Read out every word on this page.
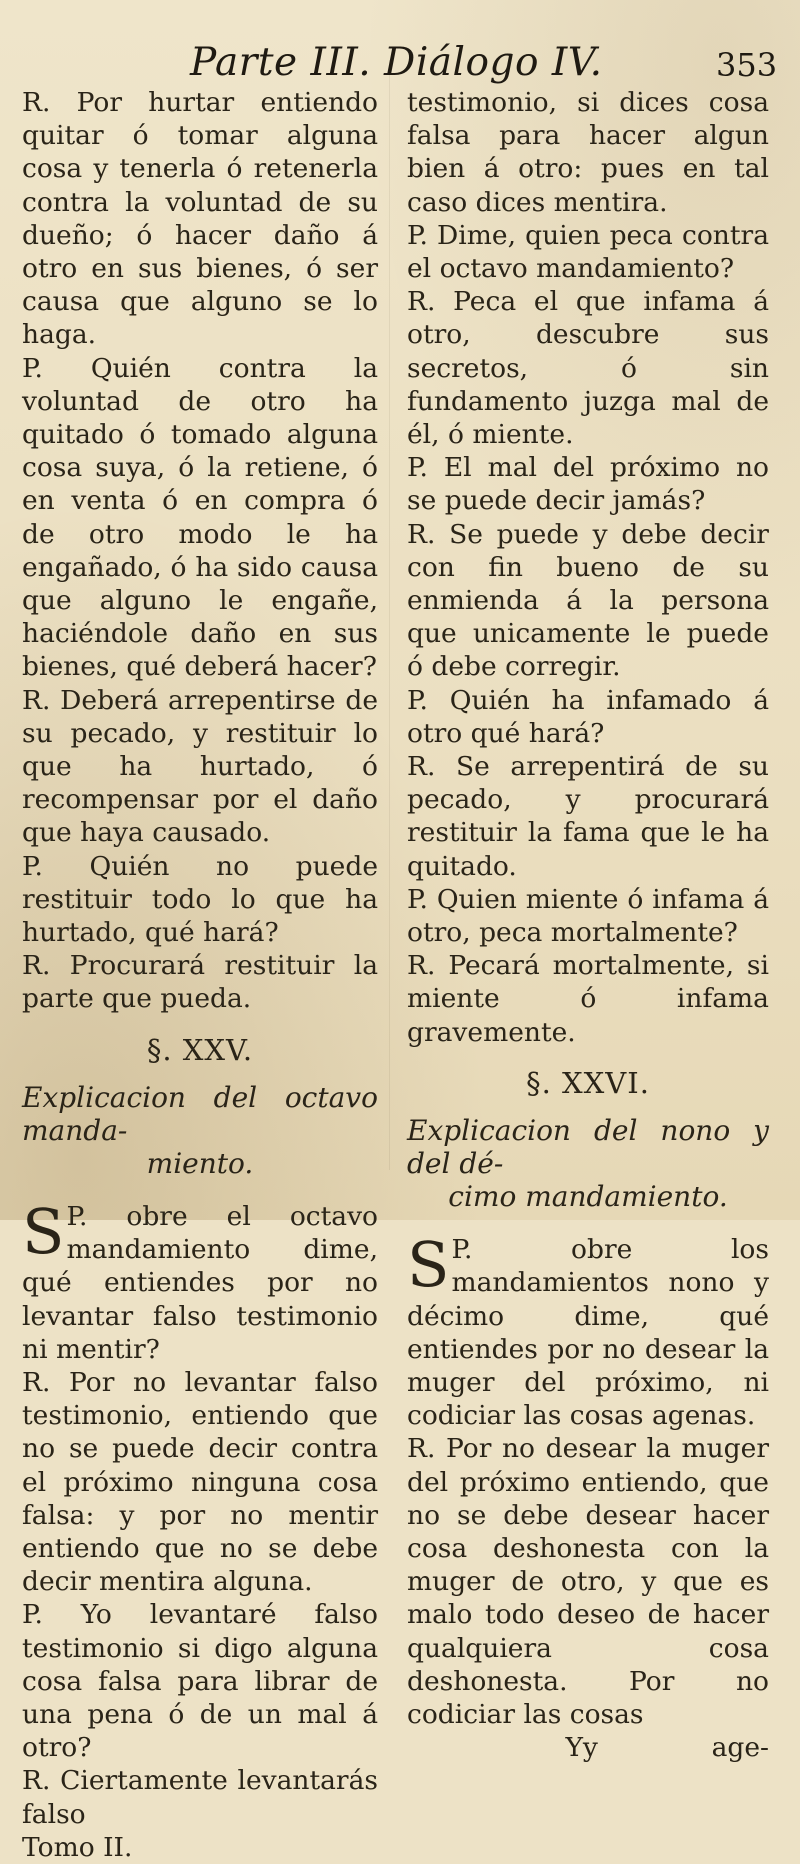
Parte III. Diálogo IV.	353

R. Por hurtar entiendo quitar ó tomar alguna cosa y tenerla ó retenerla contra la voluntad de su dueño; ó hacer daño á otro en sus bienes, ó ser causa que alguno se lo haga.

P. Quién contra la voluntad de otro ha quitado ó tomado alguna cosa suya, ó la retiene, ó en venta ó en compra ó de otro modo le ha engañado, ó ha sido causa que alguno le engañe, haciéndole daño en sus bienes, qué deberá hacer?

R. Deberá arrepentirse de su pecado, y restituir lo que ha hurtado, ó recompensar por el daño que haya causado.

P. Quién no puede restituir todo lo que ha hurtado, qué hará?

R. Procurará restituir la parte que pueda.

§. XXV.
Explicacion del octavo manda-
miento.

P.
S obre el octavo mandamiento dime, qué entiendes por no levantar falso testimonio ni mentir?

R. Por no levantar falso testimonio, entiendo que no se puede decir contra el próximo ninguna cosa falsa: y por no mentir entiendo que no se debe decir mentira alguna.

P. Yo levantaré falso testimonio si digo alguna cosa falsa para librar de una pena ó de un mal á otro?

R. Ciertamente levantarás falso

Tomo II.

testimonio, si dices cosa falsa para hacer algun bien á otro: pues en tal caso dices mentira.

P. Dime, quien peca contra el octavo mandamiento?

R. Peca el que infama á otro, descubre sus secretos, ó sin fundamento juzga mal de él, ó miente.

P. El mal del próximo no se puede decir jamás?

R. Se puede y debe decir con fin bueno de su enmienda á la persona que unicamente le puede ó debe corregir.

P. Quién ha infamado á otro qué hará?

R. Se arrepentirá de su pecado, y procurará restituir la fama que le ha quitado.

P. Quien miente ó infama á otro, peca mortalmente?

R. Pecará mortalmente, si miente ó infama gravemente.

§. XXVI.
Explicacion del nono y del dé-
cimo mandamiento.

P.
S	obre los mandamientos nono y décimo dime, qué entiendes por no desear la muger del próximo, ni codiciar las cosas agenas.

R. Por no desear la muger del próximo entiendo, que no se debe desear hacer cosa deshonesta con la muger de otro, y que es malo todo deseo de hacer qualquiera cosa deshonesta. Por no codiciar las cosas

Yy	age-
